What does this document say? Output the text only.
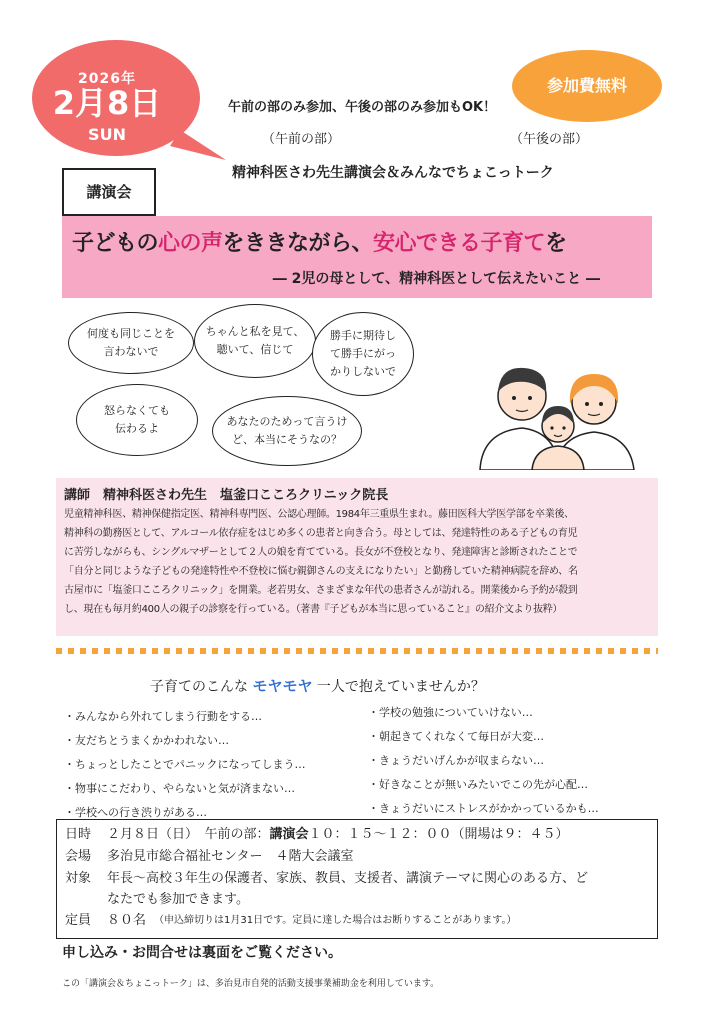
2026年
2月8日
SUN
参加費無料
午前の部のみ参加、午後の部のみ参加もOK！
（午前の部）	（午後の部）
精神科医さわ先生講演会＆みんなでちょこっトーク
講演会
子どもの心の声をききながら、安心できる子育てを
― 2児の母として、精神科医として伝えたいこと ―
何度も同じことを
言わないで
ちゃんと私を見て、
聴いて、信じて
勝手に期待し
て勝手にがっ
かりしないで
怒らなくても
伝わるよ
あなたのためって言うけ
ど、本当にそうなの？
講師　精神科医さわ先生　塩釜口こころクリニック院長
児童精神科医、精神保健指定医、精神科専門医、公認心理師。1984年三重県生まれ。藤田医科大学医学部を卒業後、
精神科の勤務医として、アルコール依存症をはじめ多くの患者と向き合う。母としては、発達特性のある子どもの育児
に苦労しながらも、シングルマザーとして２人の娘を育てている。長女が不登校となり、発達障害と診断されたことで
「自分と同じような子どもの発達特性や不登校に悩む親御さんの支えになりたい」と勤務していた精神病院を辞め、名
古屋市に「塩釜口こころクリニック」を開業。老若男女、さまざまな年代の患者さんが訪れる。開業後から予約が殺到
し、現在も毎月約400人の親子の診察を行っている。（著書『子どもが本当に思っていること』の紹介文より抜粋）
子育てのこんな モヤモヤ 一人で抱えていませんか？
・みんなから外れてしまう行動をする…
・友だちとうまくかかわれない…
・ちょっとしたことでパニックになってしまう…
・物事にこだわり、やらないと気が済まない…
・学校への行き渋りがある…
・学校の勉強についていけない…
・朝起きてくれなくて毎日が大変…
・きょうだいげんかが収まらない…
・好きなことが無いみたいでこの先が心配…
・きょうだいにストレスがかかっているかも…
日時	２月８日（日）　午前の部： 講演会 １０：１５～１２：００（開場は９：４５）
会場	多治見市総合福祉センター　４階大会議室
対象	年長～高校３年生の保護者、家族、教員、支援者、講演テーマに関心のある方、ど
なたでも参加できます。
定員	８０名 （申込締切りは1月31日です。定員に達した場合はお断りすることがあります。）
申し込み・お問合せは裏面をご覧ください。
この「講演会＆ちょこっトーク」は、多治見市自発的活動支援事業補助金を利用しています。
